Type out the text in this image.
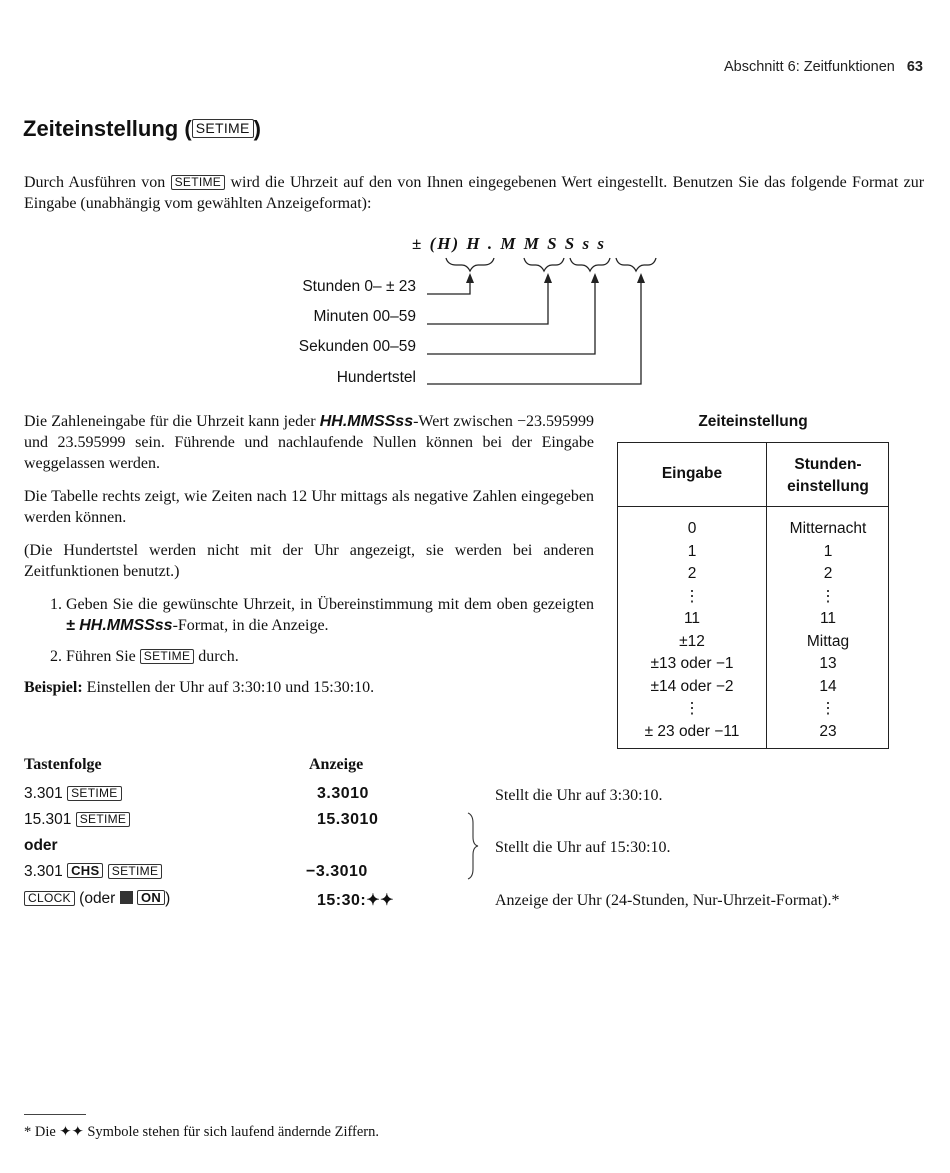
Abschnitt 6: Zeitfunktionen 63
Zeiteinstellung ( SETIME )
Durch Ausführen von SETIME wird die Uhrzeit auf den von Ihnen eingegebenen Wert eingestellt. Benutzen Sie das folgende Format zur Eingabe (unabhängig vom gewählten Anzeigeformat):
± (H) H . M M S S s s
Stunden 0– ± 23
Minuten 00–59
Sekunden 00–59
Hundertstel

Die Zahleneingabe für die Uhrzeit kann jeder HH.MMSSss-Wert zwischen −23.595999 und 23.595999 sein. Führende und nachlaufende Nullen können bei der Eingabe weggelassen werden.

Die Tabelle rechts zeigt, wie Zeiten nach 12 Uhr mittags als negative Zahlen eingegeben werden können.

(Die Hundertstel werden nicht mit der Uhr angezeigt, sie werden bei anderen Zeitfunktionen benutzt.)

1. Geben Sie die gewünschte Uhrzeit, in Übereinstimmung mit dem oben gezeigten ± HH.MMSSss-Format, in die Anzeige.
2. Führen Sie SETIME durch.
Beispiel: Einstellen der Uhr auf 3:30:10 und 15:30:10.
Zeiteinstellung
Eingabe
Stunden-
einstellung
0
1
2
⋮
11
±12
±13 oder −1
±14 oder −2
⋮
± 23 oder −11
Mitternacht
1
2
⋮
11
Mittag
13
14
⋮
23
Tastenfolge	Anzeige
3.301 SETIME
15.301 SETIME
oder
3.301 CHS SETIME
CLOCK (oder ON )
3.3010
15.3010
−3.3010
15:30:✦✦
Stellt die Uhr auf 3:30:10.
Stellt die Uhr auf 15:30:10.
Anzeige der Uhr (24-Stunden, Nur-Uhrzeit-Format).*
* Die ✦✦ Symbole stehen für sich laufend ändernde Ziffern.
